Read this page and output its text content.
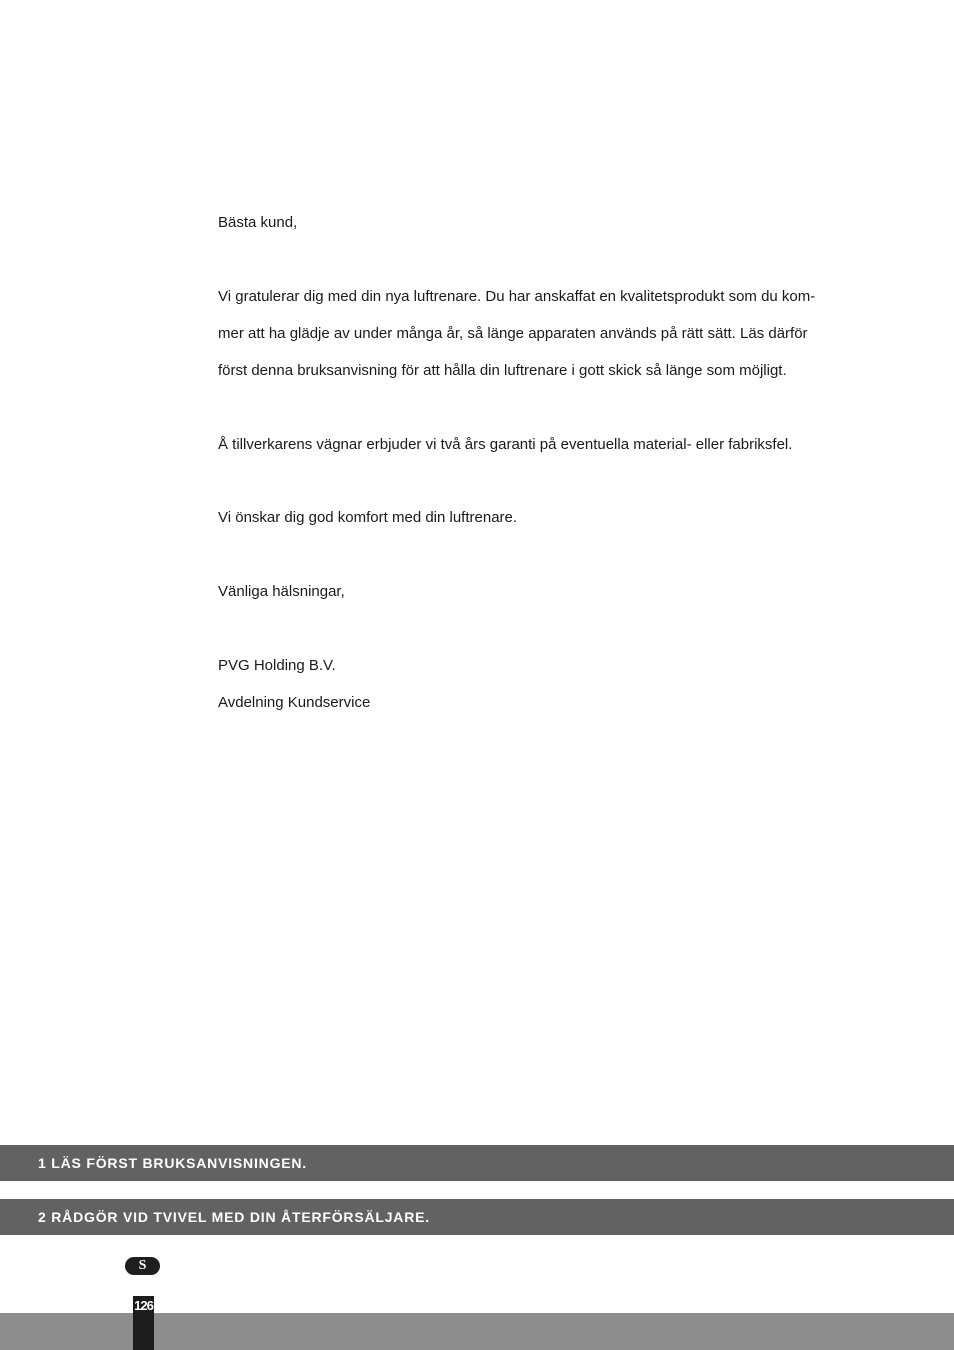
Bästa kund,
Vi gratulerar dig med din nya luftrenare. Du har anskaffat en kvalitetsprodukt som du kom-
mer att ha glädje av under många år, så länge apparaten används på rätt sätt. Läs därför
först denna bruksanvisning för att hålla din luftrenare i gott skick så länge som möjligt.
Å tillverkarens vägnar erbjuder vi två års garanti på eventuella material- eller fabriksfel.
Vi önskar dig god komfort med din luftrenare.
Vänliga hälsningar,
PVG Holding B.V.
Avdelning Kundservice
1 LÄS FÖRST BRUKSANVISNINGEN.
2 RÅDGÖR VID TVIVEL MED DIN ÅTERFÖRSÄLJARE.
S
126
